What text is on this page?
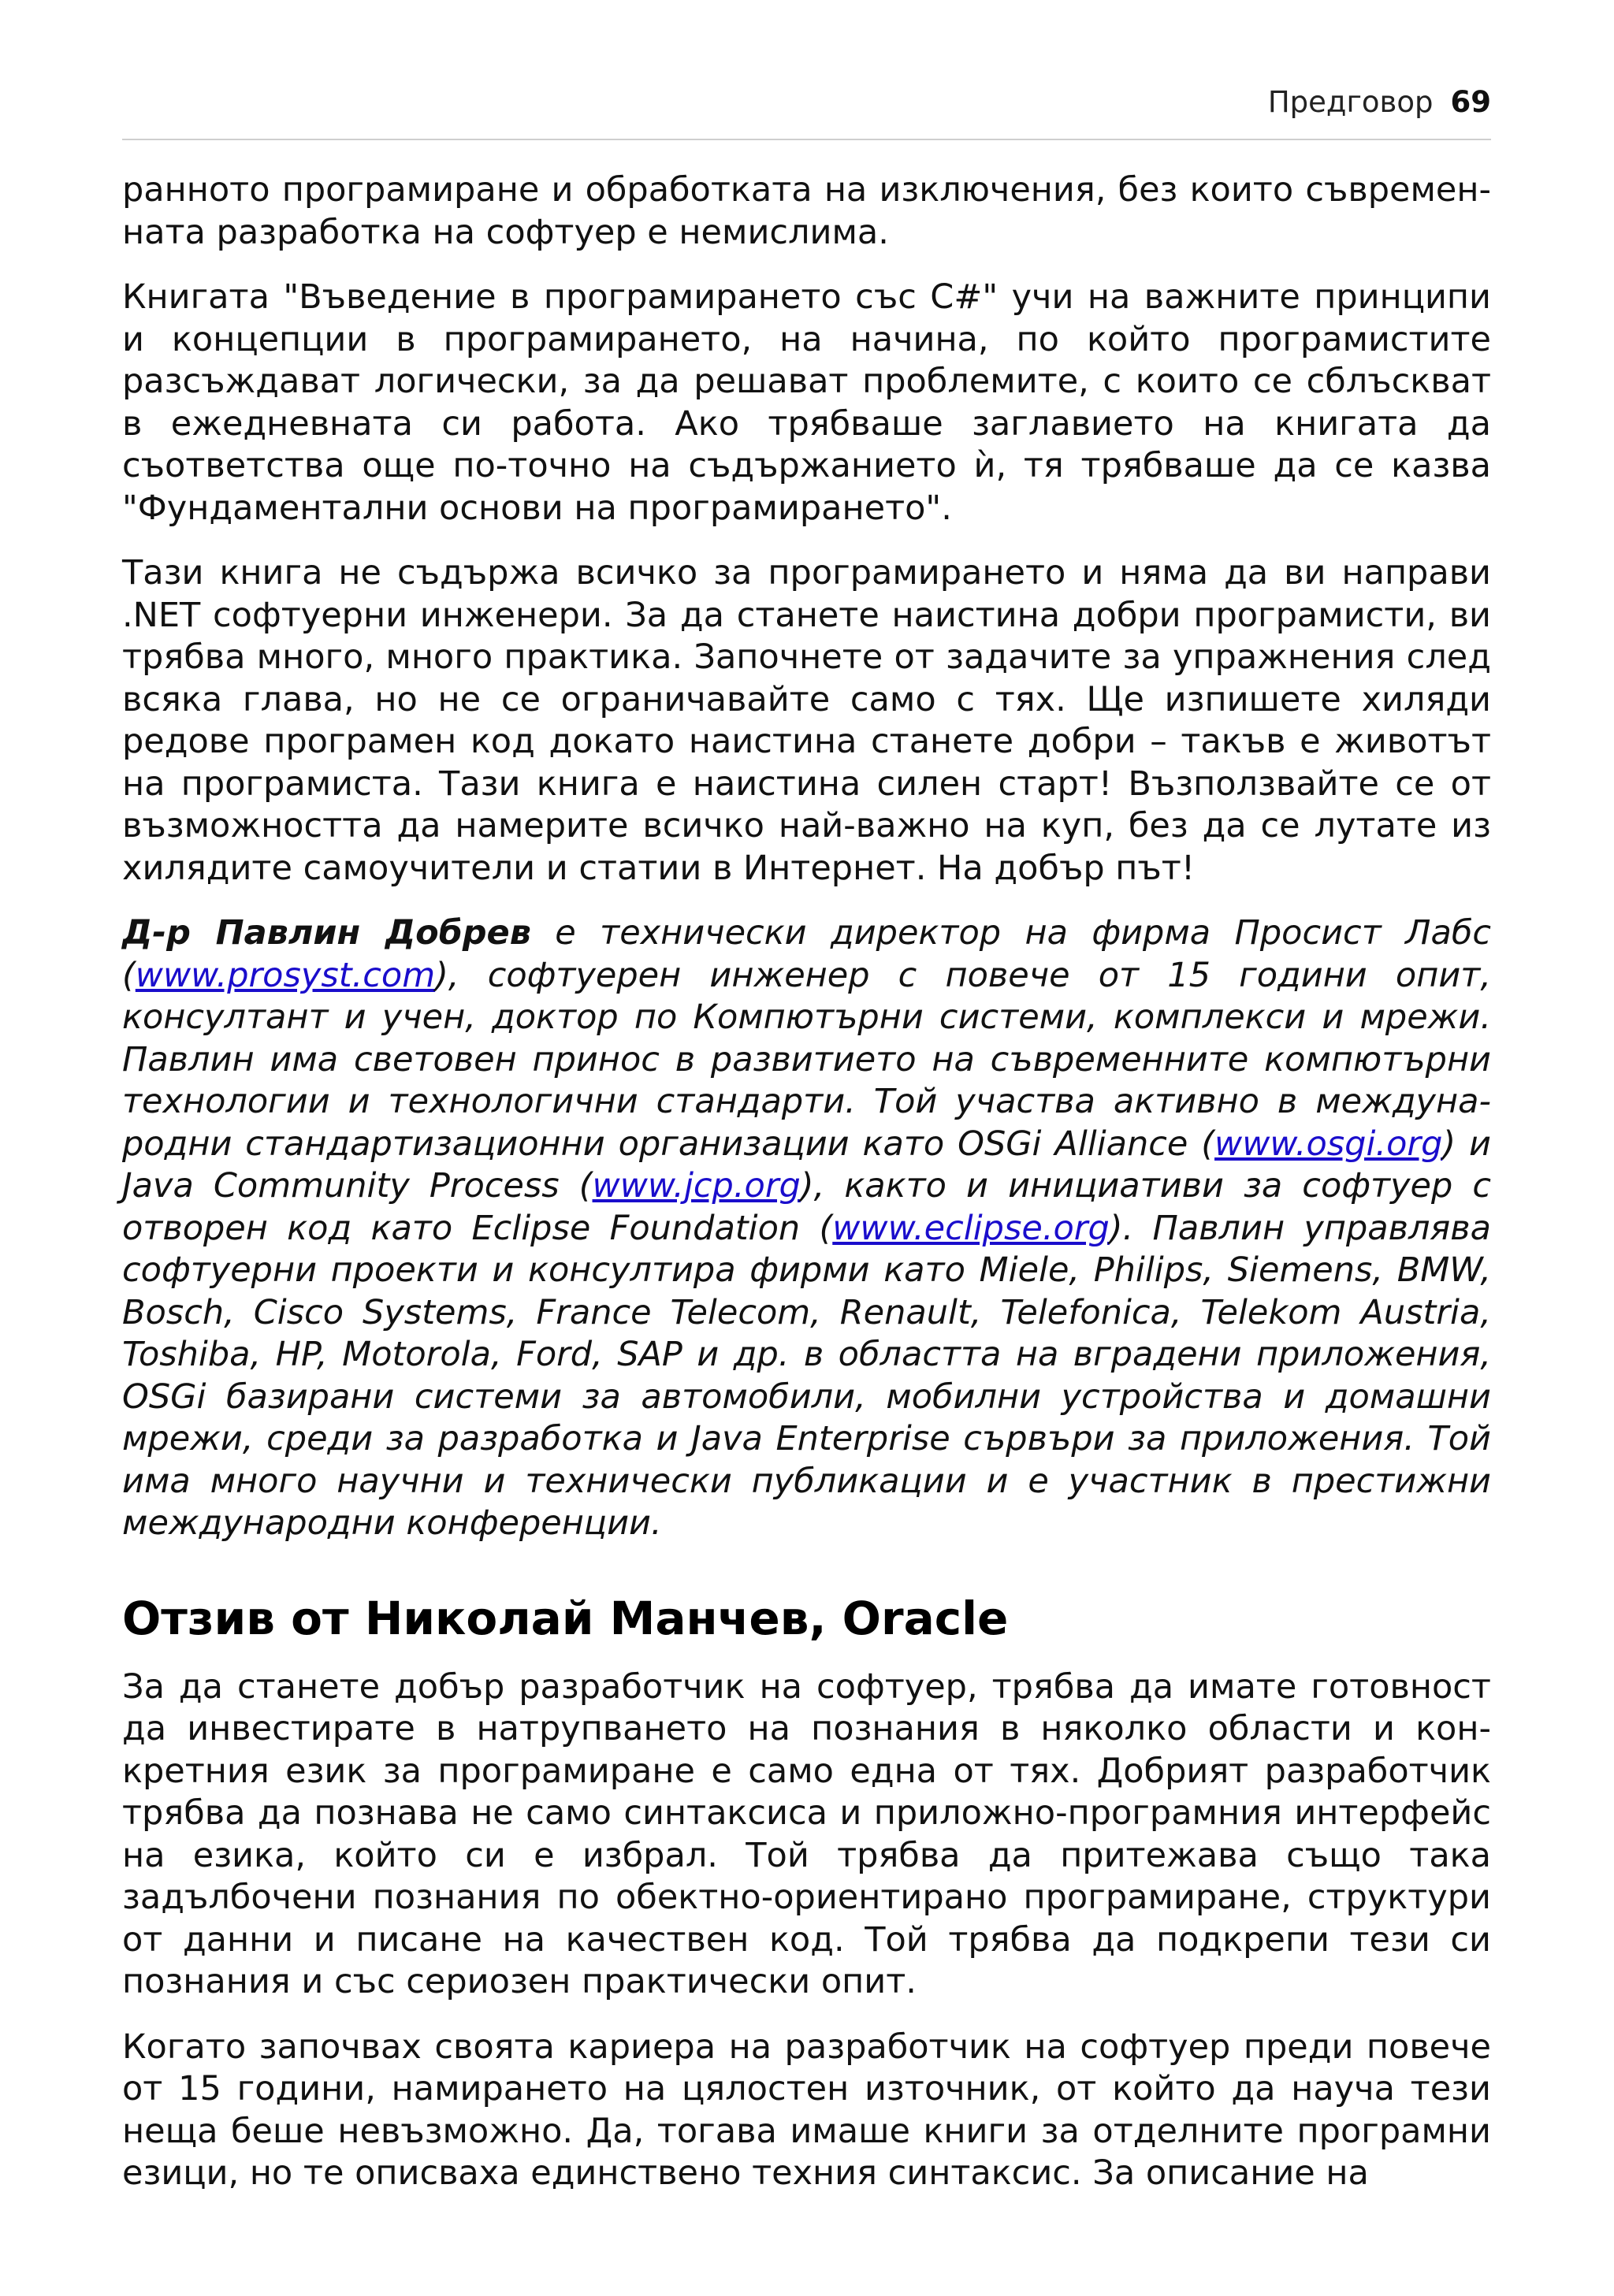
Предговор 69

ранното програмиране и обработката на изключения, без които съвременната разработка на софтуер е немислима.

Книгата "Въведение в програмирането със C#" учи на важните принципи и концепции в програмирането, на начина, по който програмистите разсъждават логически, за да решават проблемите, с които се сблъскват в ежедневната си работа. Ако трябваше заглавието на книгата да съответства още по-точно на съдържанието ѝ, тя трябваше да се казва "Фундаментални основи на програмирането".

Тази книга не съдържа всичко за програмирането и няма да ви направи .NET софтуерни инженери. За да станете наистина добри програмисти, ви трябва много, много практика. Започнете от задачите за упражнения след всяка глава, но не се ограничавайте само с тях. Ще изпишете хиляди редове програмен код докато наистина станете добри – такъв е животът на програмиста. Тази книга е наистина силен старт! Възползвайте се от възможността да намерите всичко най-важно на куп, без да се лутате из хилядите самоучители и статии в Интернет. На добър път!

Д-р Павлин Добрев е технически директор на фирма Просист Лабс (www.prosyst.com), софтуерен инженер с повече от 15 години опит, консултант и учен, доктор по Компютърни системи, комплекси и мрежи. Павлин има световен принос в развитието на съвременните компютърни технологии и технологични стандарти. Той участва активно в международни стандартизационни организации като OSGi Alliance (www.osgi.org) и Java Community Process (www.jcp.org), както и инициативи за софтуер с отворен код като Eclipse Foundation (www.eclipse.org). Павлин управлява софтуерни проекти и консултира фирми като Miele, Philips, Siemens, BMW, Bosch, Cisco Systems, France Telecom, Renault, Telefonica, Telekom Austria, Toshiba, HP, Motorola, Ford, SAP и др. в областта на вградени приложения, OSGi базирани системи за автомобили, мобилни устройства и домашни мрежи, среди за разработка и Java Enterprise сървъри за приложения. Той има много научни и технически публикации и е участник в престижни международни конференции.

Отзив от Николай Манчев, Oracle

За да станете добър разработчик на софтуер, трябва да имате готовност да инвестирате в натрупването на познания в няколко области и конкретния език за програмиране е само една от тях. Добрият разработчик трябва да познава не само синтаксиса и приложно-програмния интерфейс на езика, който си е избрал. Той трябва да притежава също така задълбочени познания по обектно-ориентирано програмиране, структури от данни и писане на качествен код. Той трябва да подкрепи тези си познания и със сериозен практически опит.

Когато започвах своята кариера на разработчик на софтуер преди повече от 15 години, намирането на цялостен източник, от който да науча тези неща беше невъзможно. Да, тогава имаше книги за отделните програмни езици, но те описваха единствено техния синтаксис. За описание на
